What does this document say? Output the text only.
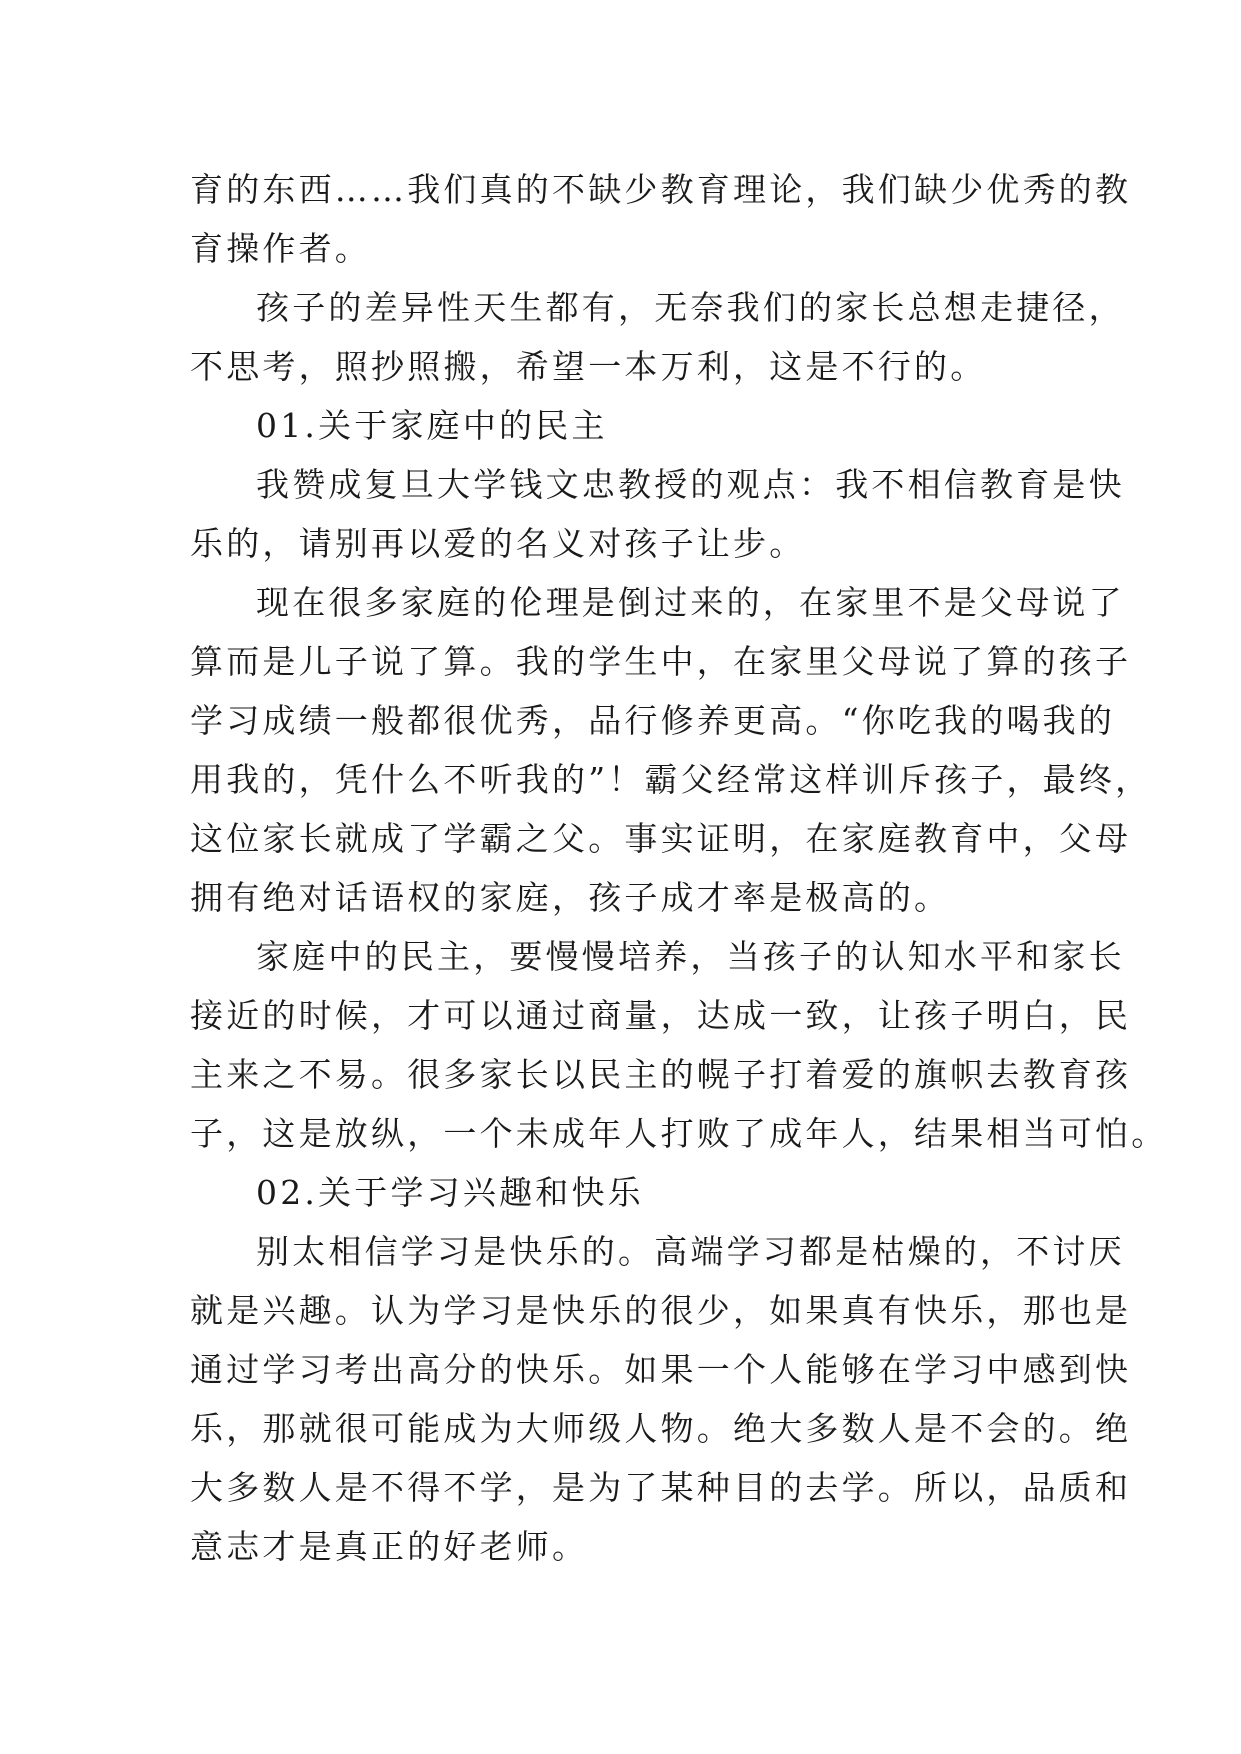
育的东西……我们真的不缺少教育理论，我们缺少优秀的教
育操作者。
孩子的差异性天生都有，无奈我们的家长总想走捷径，
不思考，照抄照搬，希望一本万利，这是不行的。
01.关于家庭中的民主
我赞成复旦大学钱文忠教授的观点：我不相信教育是快
乐的，请别再以爱的名义对孩子让步。
现在很多家庭的伦理是倒过来的，在家里不是父母说了
算而是儿子说了算。我的学生中，在家里父母说了算的孩子
学习成绩一般都很优秀，品行修养更高。“你吃我的喝我的
用我的，凭什么不听我的”！霸父经常这样训斥孩子，最终，
这位家长就成了学霸之父。事实证明，在家庭教育中，父母
拥有绝对话语权的家庭，孩子成才率是极高的。
家庭中的民主，要慢慢培养，当孩子的认知水平和家长
接近的时候，才可以通过商量，达成一致，让孩子明白，民
主来之不易。很多家长以民主的幌子打着爱的旗帜去教育孩
子，这是放纵，一个未成年人打败了成年人，结果相当可怕。
02.关于学习兴趣和快乐
别太相信学习是快乐的。高端学习都是枯燥的，不讨厌
就是兴趣。认为学习是快乐的很少，如果真有快乐，那也是
通过学习考出高分的快乐。如果一个人能够在学习中感到快
乐，那就很可能成为大师级人物。绝大多数人是不会的。绝
大多数人是不得不学，是为了某种目的去学。所以，品质和
意志才是真正的好老师。
